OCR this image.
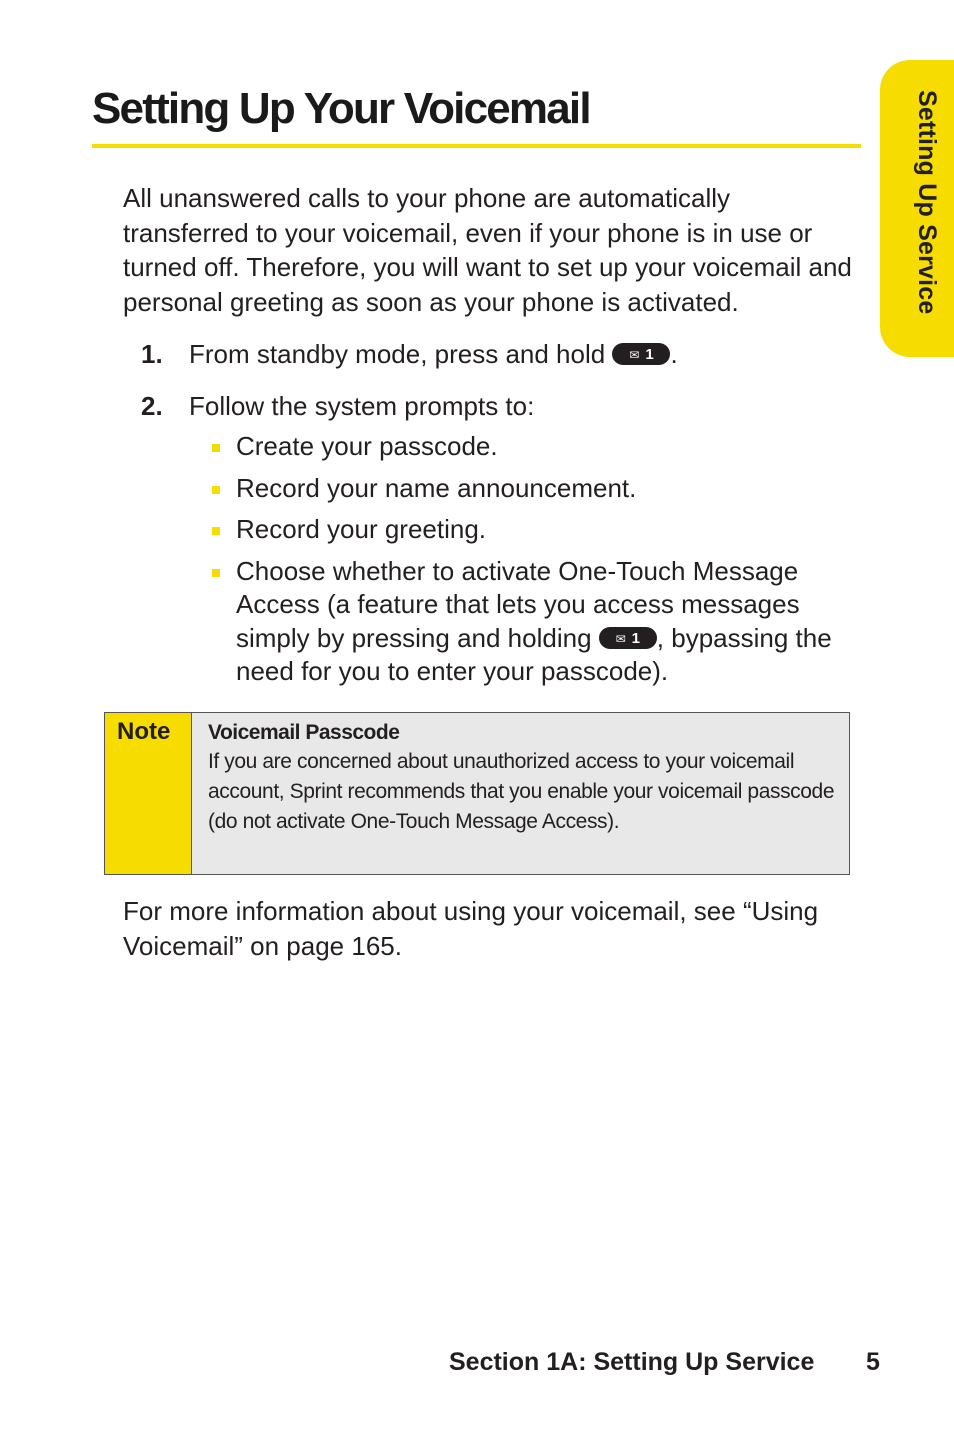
Setting Up Service
Setting Up Your Voicemail

All unanswered calls to your phone are automatically transferred to your voicemail, even if your phone is in use or turned off. Therefore, you will want to set up your voicemail and personal greeting as soon as your phone is activated.

1. From standby mode, press and hold ✉ 1 .
2. Follow the system prompts to:
Create your passcode.
Record your name announcement.
Record your greeting.
Choose whether to activate One-Touch Message Access (a feature that lets you access messages simply by pressing and holding ✉ 1 , bypassing the need for you to enter your passcode).
Note Voicemail Passcode
If you are concerned about unauthorized access to your voicemail account, Sprint recommends that you enable your voicemail passcode (do not activate One-Touch Message Access).

For more information about using your voicemail, see “Using Voicemail” on page 165.

Section 1A: Setting Up Service 5
